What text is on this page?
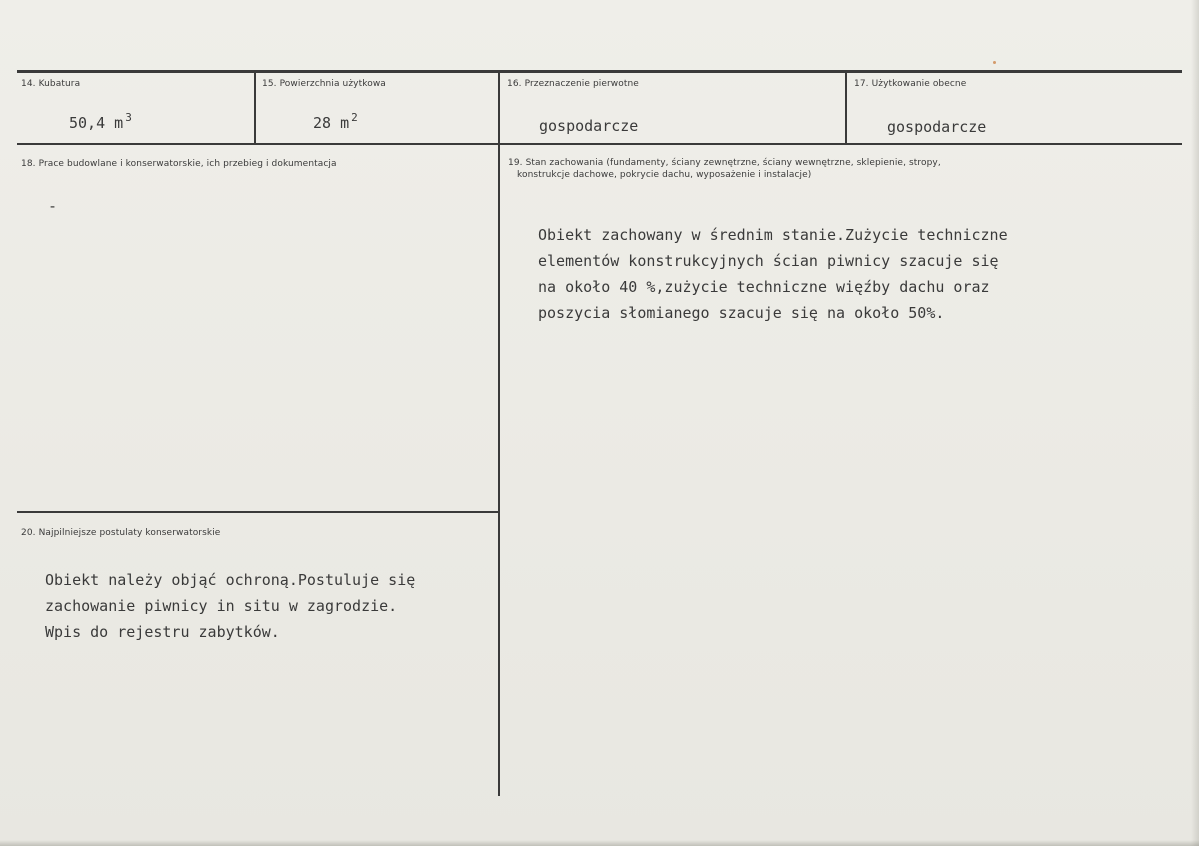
14. Kubatura
50,4 m $^3$
15. Powierzchnia użytkowa
28 m $^2$
16. Przeznaczenie pierwotne
gospodarcze
17. Użytkowanie obecne
gospodarcze
18. Prace budowlane i konserwatorskie, ich przebieg i dokumentacja
-
19. Stan zachowania (fundamenty, ściany zewnętrzne, ściany wewnętrzne, sklepienie, stropy,
konstrukcje dachowe, pokrycie dachu, wyposażenie i instalacje)
Obiekt zachowany w średnim stanie.Zużycie techniczne
elementów konstrukcyjnych ścian piwnicy szacuje się
na około 40 %,zużycie techniczne więźby dachu oraz
poszycia słomianego szacuje się na około 50%.
20. Najpilniejsze postulaty konserwatorskie
Obiekt należy objąć ochroną.Postuluje się
zachowanie piwnicy in situ w zagrodzie.
Wpis do rejestru zabytków.
